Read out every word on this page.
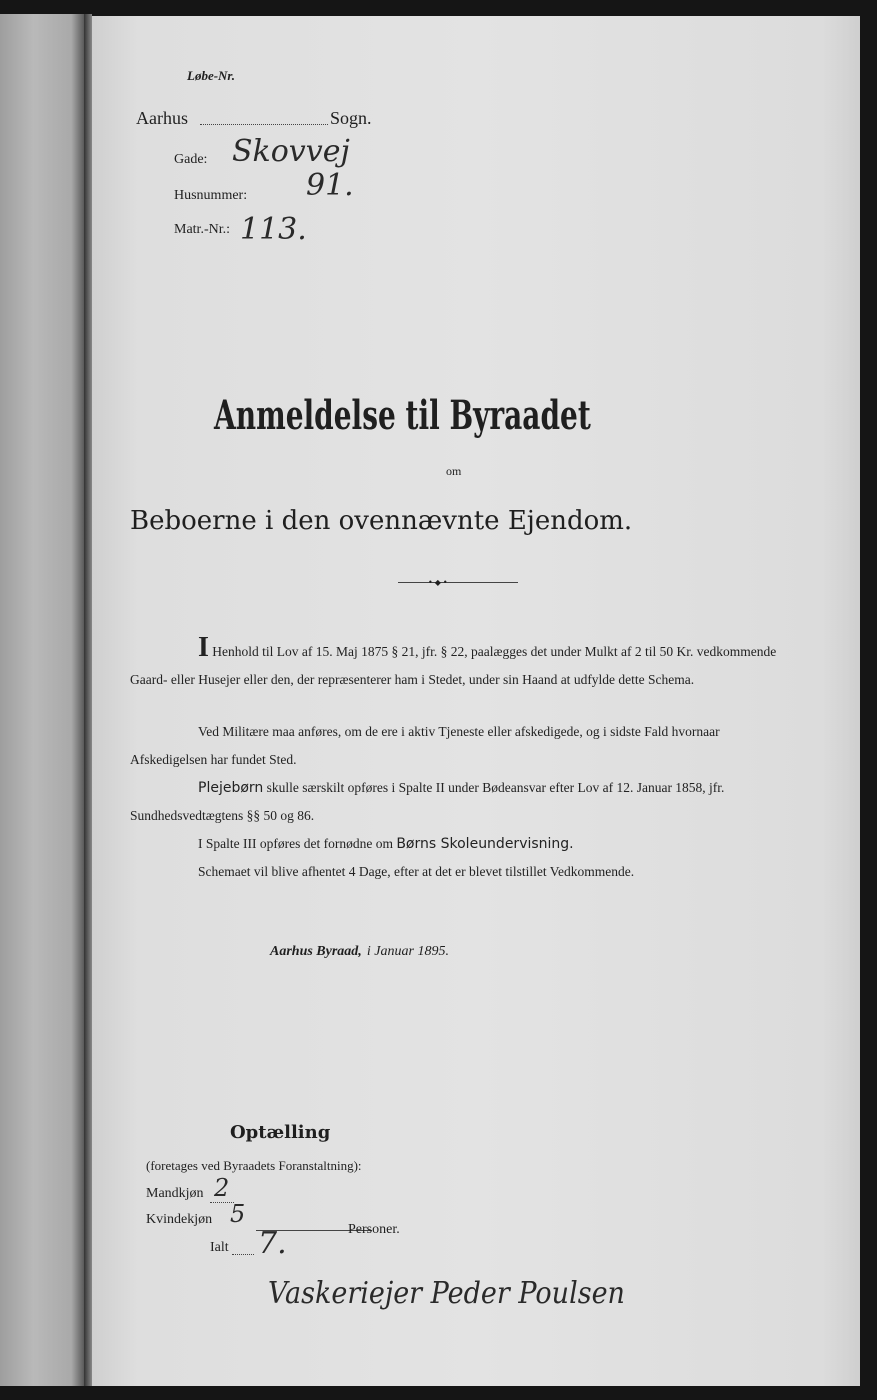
Løbe-Nr.
Aarhus	Sogn.
Gade: Skovvej
Husnummer: 91.
Matr.-Nr.: 113.
Anmeldelse til Byraadet
om
Beboerne i den ovennævnte Ejendom.
•◆•
I Henhold til Lov af 15. Maj 1875 § 21, jfr. § 22, paalægges det under Mulkt af 2 til 50 Kr. vedkommende Gaard- eller Husejer eller den, der repræsenterer ham i Stedet, under sin Haand at udfylde dette Schema.
Ved Militære maa anføres, om de ere i aktiv Tjeneste eller afskedigede, og i sidste Fald hvornaar Afskedigelsen har fundet Sted.
Plejebørn skulle særskilt opføres i Spalte II under Bødeansvar efter Lov af 12. Januar 1858, jfr. Sundhedsvedtægtens §§ 50 og 86.
I Spalte III opføres det fornødne om Børns Skoleundervisning.
Schemaet vil blive afhentet 4 Dage, efter at det er blevet tilstillet Vedkommende.
Aarhus Byraad, i Januar 1895.
Optælling
(foretages ved Byraadets Foranstaltning):
Mandkjøn 2
Kvindekjøn 5
Ialt 7.	Personer.
Vaskeriejer Peder Poulsen
